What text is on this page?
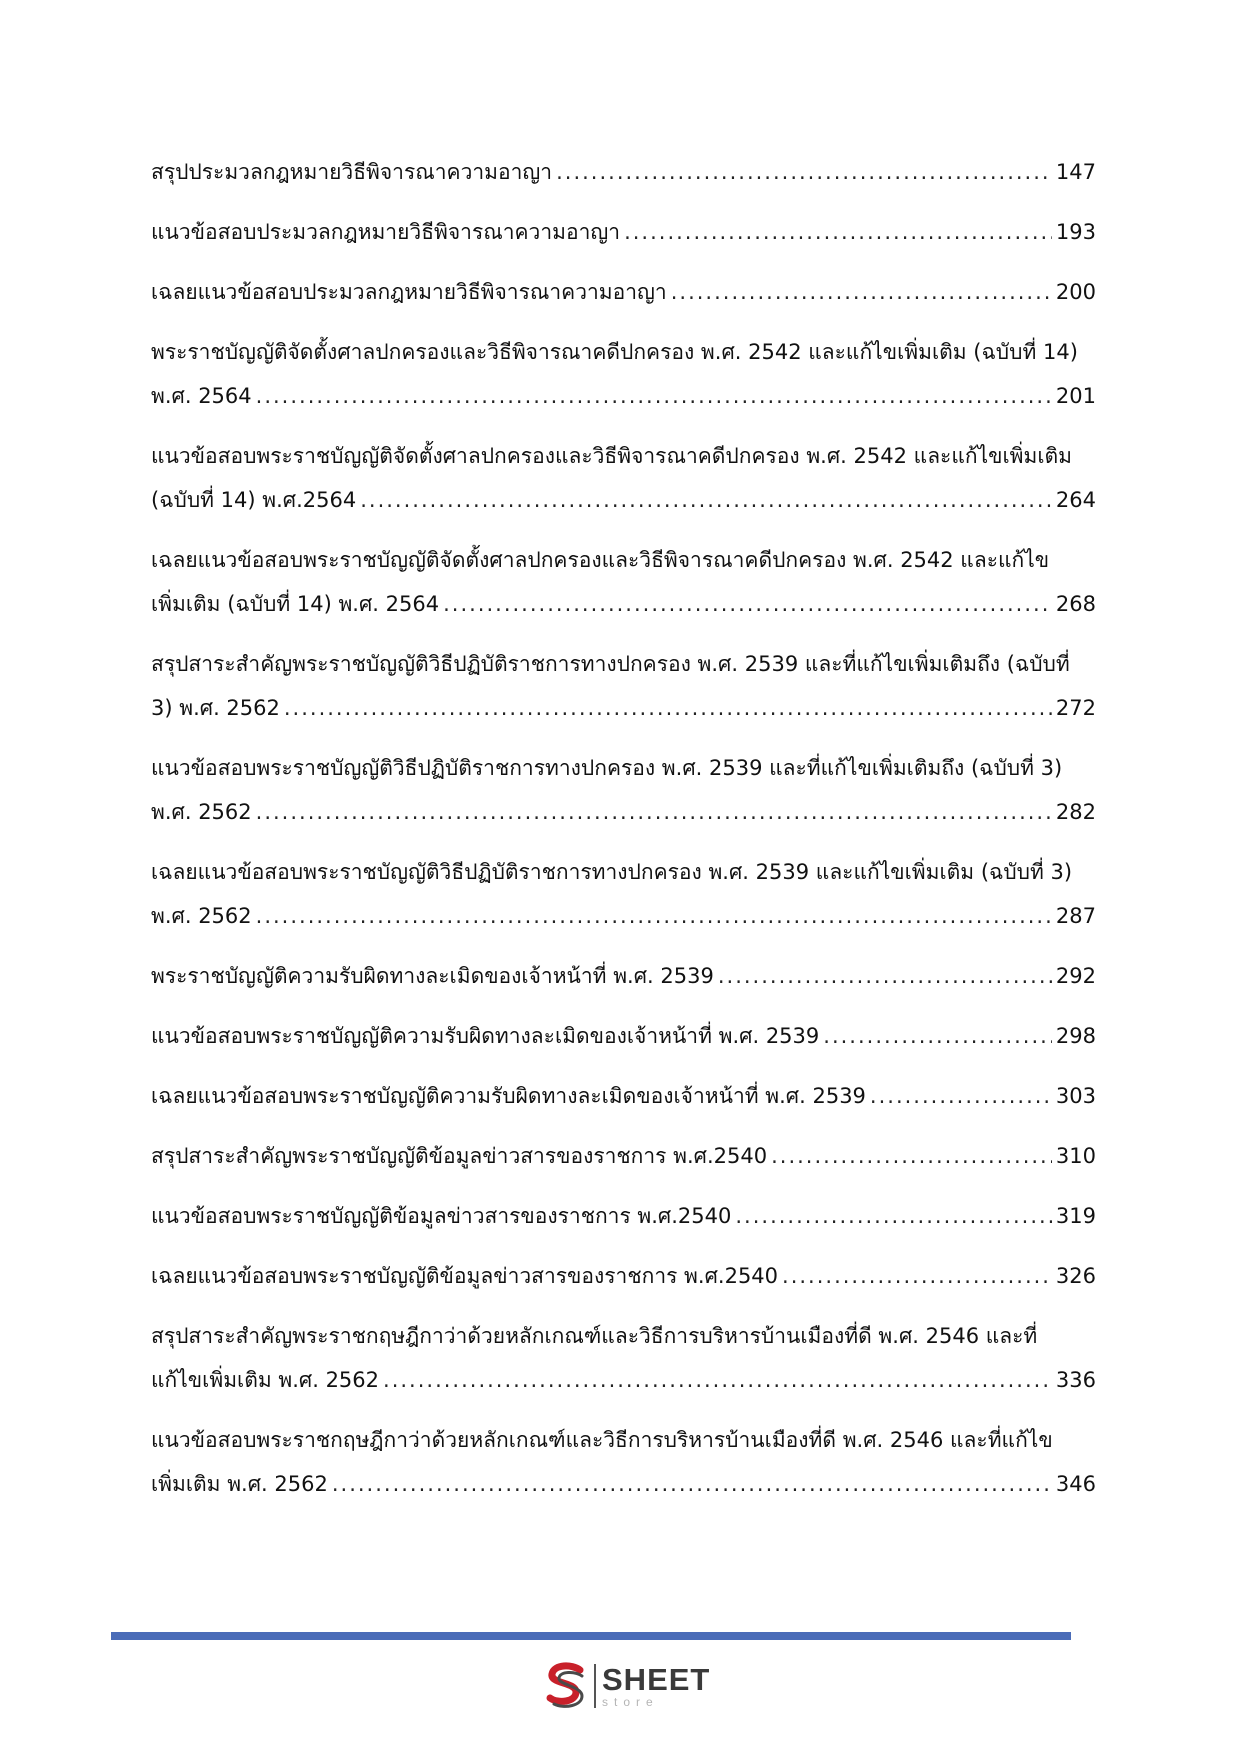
สรุปประมวลกฎหมายวิธีพิจารณาความอาญา .....	147
แนวข้อสอบประมวลกฎหมายวิธีพิจารณาความอาญา .....	193
เฉลยแนวข้อสอบประมวลกฎหมายวิธีพิจารณาความอาญา .....	200
พระราชบัญญัติจัดตั้งศาลปกครองและวิธีพิจารณาคดีปกครอง พ.ศ. 2542 และแก้ไขเพิ่มเติม (ฉบับที่ 14)
พ.ศ. 2564 .....	201
แนวข้อสอบพระราชบัญญัติจัดตั้งศาลปกครองและวิธีพิจารณาคดีปกครอง พ.ศ. 2542 และแก้ไขเพิ่มเติม
(ฉบับที่ 14) พ.ศ.2564 .....	264
เฉลยแนวข้อสอบพระราชบัญญัติจัดตั้งศาลปกครองและวิธีพิจารณาคดีปกครอง พ.ศ. 2542 และแก้ไข
เพิ่มเติม (ฉบับที่ 14) พ.ศ. 2564 .....	268
สรุปสาระสำคัญพระราชบัญญัติวิธีปฏิบัติราชการทางปกครอง พ.ศ. 2539 และที่แก้ไขเพิ่มเติมถึง (ฉบับที่
3) พ.ศ. 2562 .....	272
แนวข้อสอบพระราชบัญญัติวิธีปฏิบัติราชการทางปกครอง พ.ศ. 2539 และที่แก้ไขเพิ่มเติมถึง (ฉบับที่ 3)
พ.ศ. 2562 .....	282
เฉลยแนวข้อสอบพระราชบัญญัติวิธีปฏิบัติราชการทางปกครอง พ.ศ. 2539 และแก้ไขเพิ่มเติม (ฉบับที่ 3)
พ.ศ. 2562 .....	287
พระราชบัญญัติความรับผิดทางละเมิดของเจ้าหน้าที่ พ.ศ. 2539 .....	292
แนวข้อสอบพระราชบัญญัติความรับผิดทางละเมิดของเจ้าหน้าที่ พ.ศ. 2539 .....	298
เฉลยแนวข้อสอบพระราชบัญญัติความรับผิดทางละเมิดของเจ้าหน้าที่ พ.ศ. 2539 .....	303
สรุปสาระสำคัญพระราชบัญญัติข้อมูลข่าวสารของราชการ พ.ศ.2540 .....	310
แนวข้อสอบพระราชบัญญัติข้อมูลข่าวสารของราชการ พ.ศ.2540 .....	319
เฉลยแนวข้อสอบพระราชบัญญัติข้อมูลข่าวสารของราชการ พ.ศ.2540 .....	326
สรุปสาระสำคัญพระราชกฤษฎีกาว่าด้วยหลักเกณฑ์และวิธีการบริหารบ้านเมืองที่ดี พ.ศ. 2546 และที่
แก้ไขเพิ่มเติม พ.ศ. 2562 .....	336
แนวข้อสอบพระราชกฤษฎีกาว่าด้วยหลักเกณฑ์และวิธีการบริหารบ้านเมืองที่ดี พ.ศ. 2546 และที่แก้ไข
เพิ่มเติม พ.ศ. 2562 .....	346
SHEET
store
